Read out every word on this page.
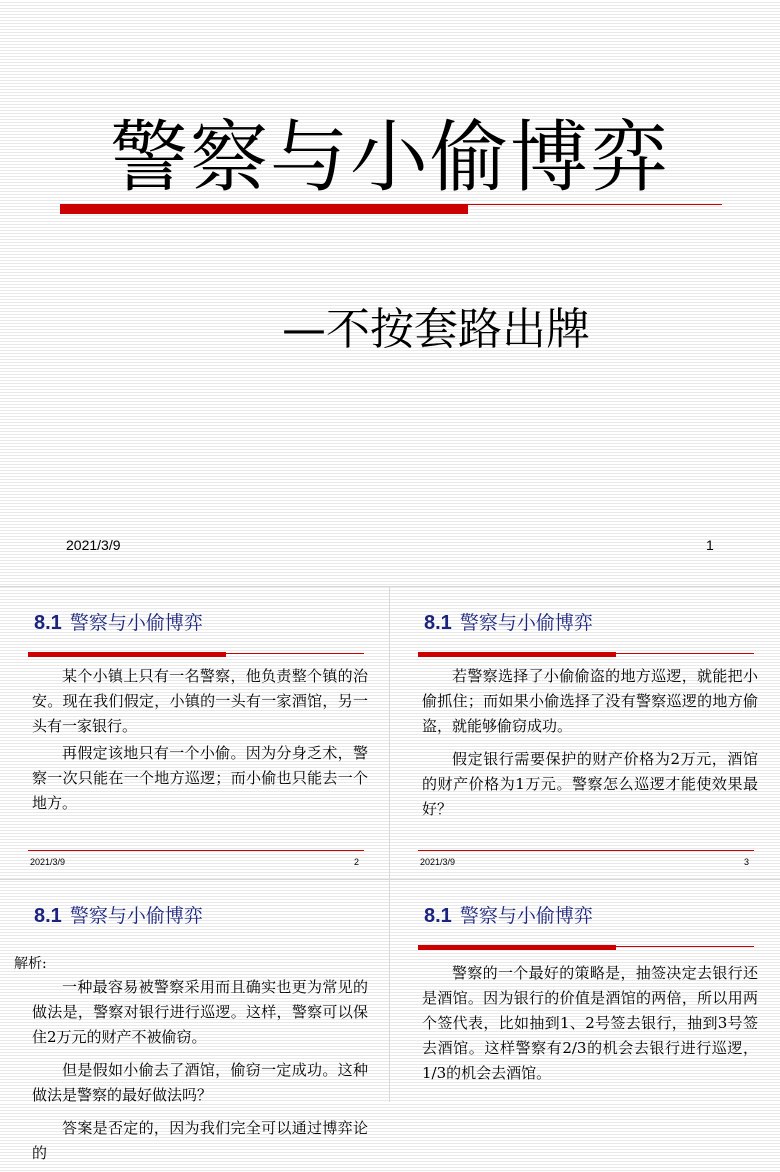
警察与小偷博弈
—不按套路出牌
2021/3/9	1
8.1 警察与小偷博弈

某个小镇上只有一名警察，他负责整个镇的治安。现在我们假定，小镇的一头有一家酒馆，另一头有一家银行。

再假定该地只有一个小偷。因为分身乏术，警察一次只能在一个地方巡逻；而小偷也只能去一个地方。

2021/3/9	2
8.1 警察与小偷博弈

若警察选择了小偷偷盗的地方巡逻，就能把小偷抓住；而如果小偷选择了没有警察巡逻的地方偷盗，就能够偷窃成功。

假定银行需要保护的财产价格为2万元，酒馆的财产价格为1万元。警察怎么巡逻才能使效果最好？

2021/3/9	3
8.1 警察与小偷博弈
解析:

一种最容易被警察采用而且确实也更为常见的做法是，警察对银行进行巡逻。这样，警察可以保住2万元的财产不被偷窃。

但是假如小偷去了酒馆，偷窃一定成功。这种做法是警察的最好做法吗？

答案是否定的，因为我们完全可以通过博弈论的

8.1 警察与小偷博弈

警察的一个最好的策略是，抽签决定去银行还是酒馆。因为银行的价值是酒馆的两倍，所以用两个签代表，比如抽到1、2号签去银行，抽到3号签去酒馆。这样警察有2/3的机会去银行进行巡逻，1/3的机会去酒馆。
